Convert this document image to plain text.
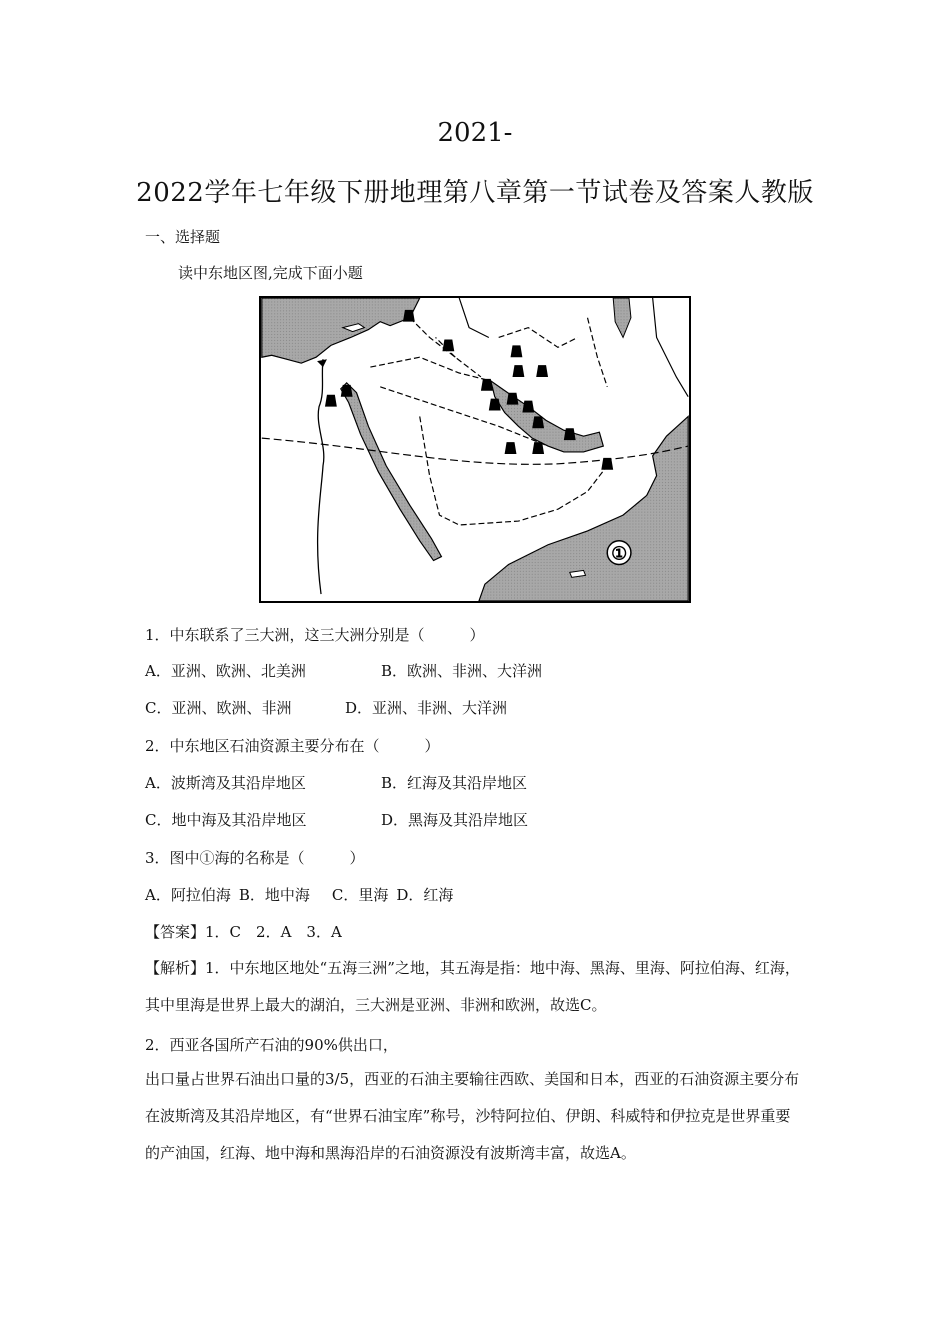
2021-
2022学年七年级下册地理第八章第一节试卷及答案人教版
一、选择题
读中东地区图,完成下面小题
①
1．中东联系了三大洲，这三大洲分别是（　　　）
A．亚洲、欧洲、北美洲	B．欧洲、非洲、大洋洲
C．亚洲、欧洲、非洲	D．亚洲、非洲、大洋洲
2．中东地区石油资源主要分布在（　　　）
A．波斯湾及其沿岸地区	B．红海及其沿岸地区
C．地中海及其沿岸地区	D．黑海及其沿岸地区
3．图中①海的名称是（　　　）
A．阿拉伯海 B．地中海 C．里海 D．红海
【答案】1．C　2．A　3．A
【解析】1．中东地区地处“五海三洲”之地，其五海是指：地中海、黑海、里海、阿拉伯海、红海，其中里海是世界上最大的湖泊，三大洲是亚洲、非洲和欧洲，故选C。
2．西亚各国所产石油的90%供出口，
出口量占世界石油出口量的3/5，西亚的石油主要输往西欧、美国和日本，西亚的石油资源主要分布在波斯湾及其沿岸地区，有“世界石油宝库”称号，沙特阿拉伯、伊朗、科威特和伊拉克是世界重要的产油国，红海、地中海和黑海沿岸的石油资源没有波斯湾丰富，故选A。
